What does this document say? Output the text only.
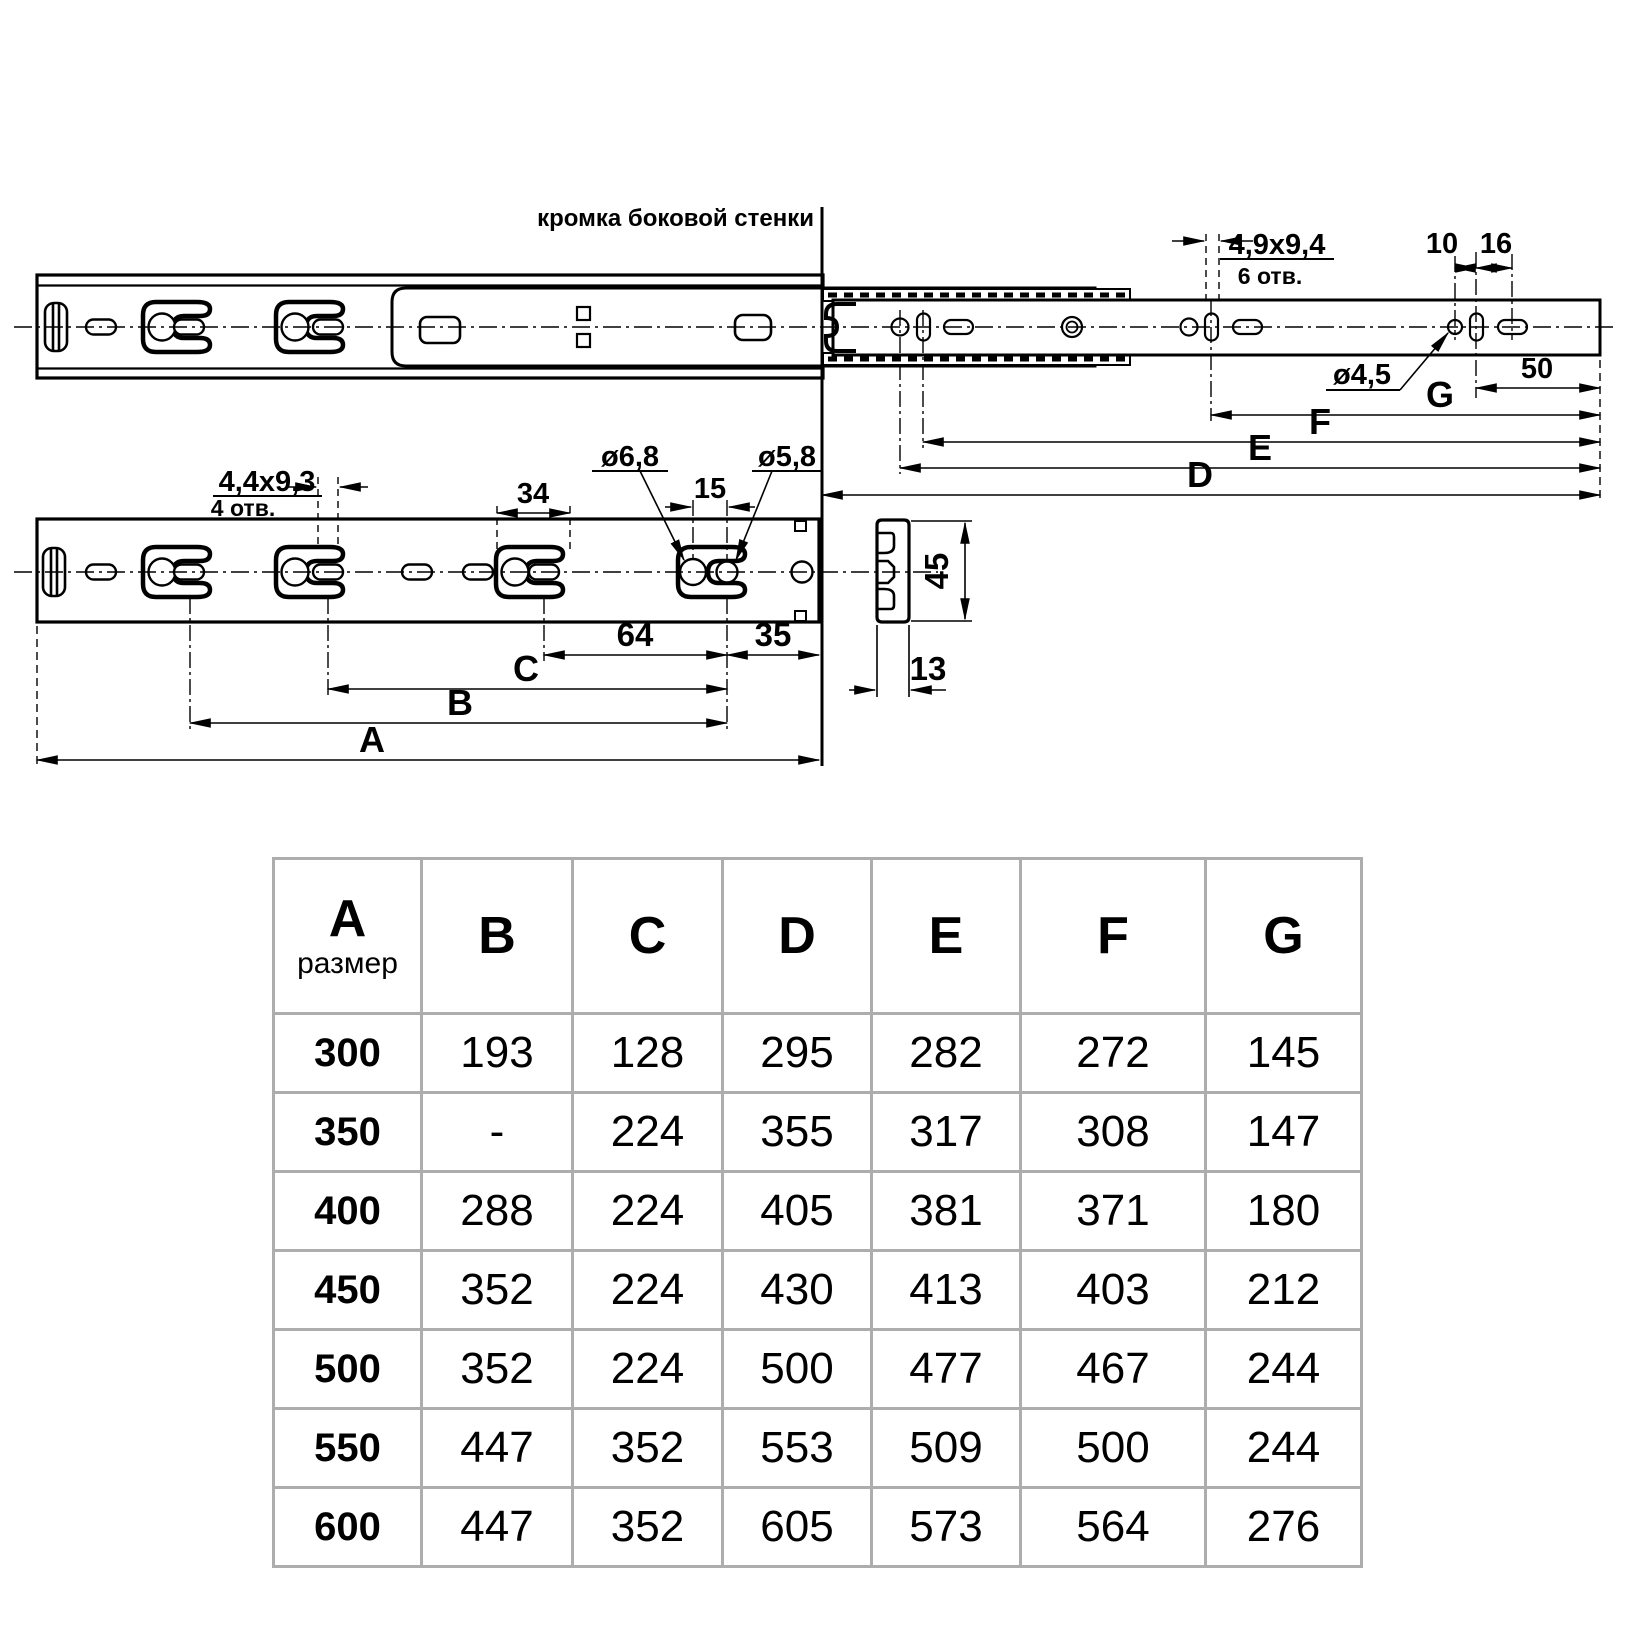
кромка боковой стенки
4,9x9,4
6 отв.
10 16
ø4,5	50
G
F
E
D
4,4x9,3
4 отв.	34
ø6,8
15
ø5,8
64	35
C
B
A
45
13
A
размер	B	C	D	E	F	G

300	193	128	295	282	272	145
350	-	224	355	317	308	147
400	288	224	405	381	371	180
450	352	224	430	413	403	212
500	352	224	500	477	467	244
550	447	352	553	509	500	244
600	447	352	605	573	564	276
